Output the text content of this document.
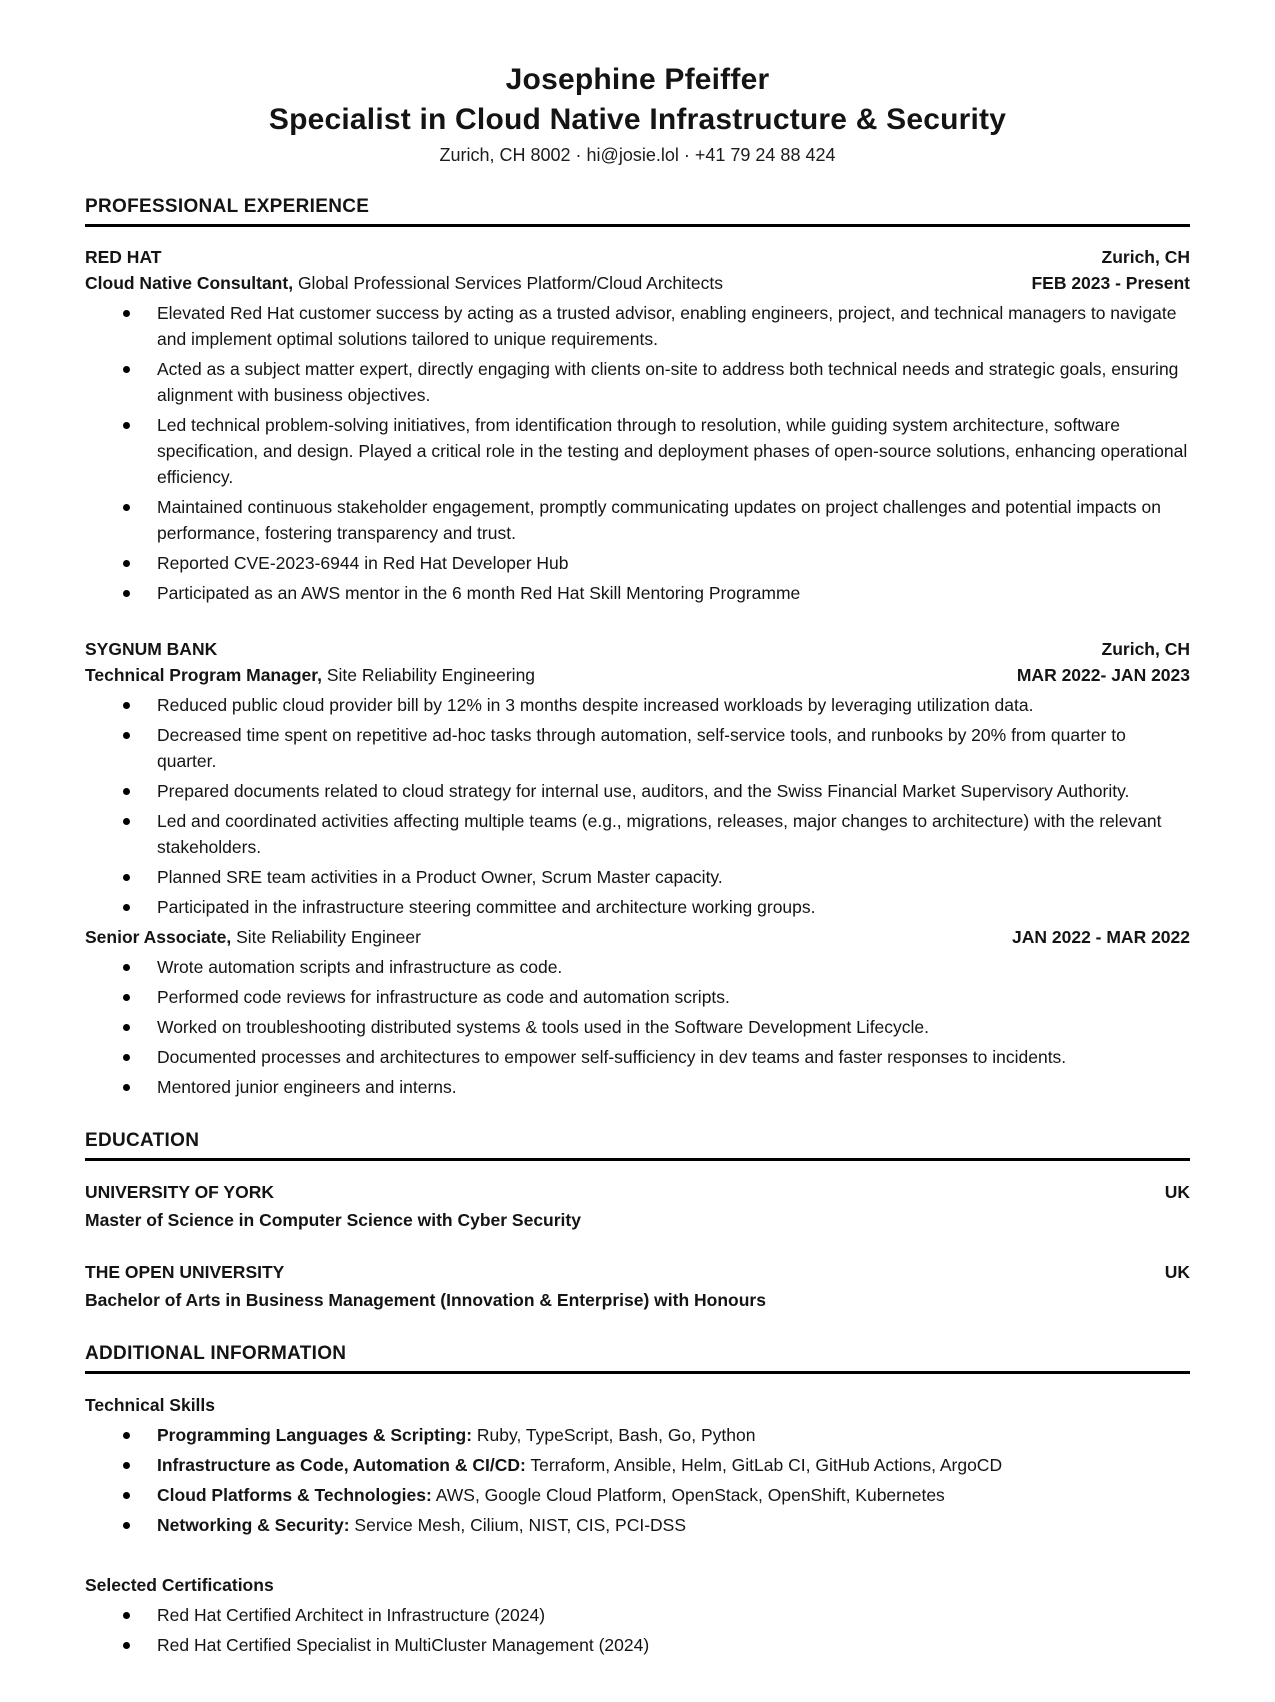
Josephine Pfeiffer
Specialist in Cloud Native Infrastructure & Security
Zurich, CH 8002 · hi@josie.lol · +41 79 24 88 424
PROFESSIONAL EXPERIENCE
RED HAT	Zurich, CH
Cloud Native Consultant, Global Professional Services Platform/Cloud Architects	FEB 2023 - Present
Elevated Red Hat customer success by acting as a trusted advisor, enabling engineers, project, and technical managers to navigate and implement optimal solutions tailored to unique requirements.
Acted as a subject matter expert, directly engaging with clients on-site to address both technical needs and strategic goals, ensuring alignment with business objectives.
Led technical problem-solving initiatives, from identification through to resolution, while guiding system architecture, software specification, and design. Played a critical role in the testing and deployment phases of open-source solutions, enhancing operational efficiency.
Maintained continuous stakeholder engagement, promptly communicating updates on project challenges and potential impacts on performance, fostering transparency and trust.
Reported CVE-2023-6944 in Red Hat Developer Hub
Participated as an AWS mentor in the 6 month Red Hat Skill Mentoring Programme
SYGNUM BANK	Zurich, CH
Technical Program Manager, Site Reliability Engineering	MAR 2022- JAN 2023
Reduced public cloud provider bill by 12% in 3 months despite increased workloads by leveraging utilization data.
Decreased time spent on repetitive ad-hoc tasks through automation, self-service tools, and runbooks by 20% from quarter to quarter.
Prepared documents related to cloud strategy for internal use, auditors, and the Swiss Financial Market Supervisory Authority.
Led and coordinated activities affecting multiple teams (e.g., migrations, releases, major changes to architecture) with the relevant stakeholders.
Planned SRE team activities in a Product Owner, Scrum Master capacity.
Participated in the infrastructure steering committee and architecture working groups.
Senior Associate, Site Reliability Engineer	JAN 2022 - MAR 2022
Wrote automation scripts and infrastructure as code.
Performed code reviews for infrastructure as code and automation scripts.
Worked on troubleshooting distributed systems & tools used in the Software Development Lifecycle.
Documented processes and architectures to empower self-sufficiency in dev teams and faster responses to incidents.
Mentored junior engineers and interns.
EDUCATION
UNIVERSITY OF YORK	UK
Master of Science in Computer Science with Cyber Security
THE OPEN UNIVERSITY	UK
Bachelor of Arts in Business Management (Innovation & Enterprise) with Honours
ADDITIONAL INFORMATION
Technical Skills
Programming Languages & Scripting: Ruby, TypeScript, Bash, Go, Python
Infrastructure as Code, Automation & CI/CD: Terraform, Ansible, Helm, GitLab CI, GitHub Actions, ArgoCD
Cloud Platforms & Technologies: AWS, Google Cloud Platform, OpenStack, OpenShift, Kubernetes
Networking & Security: Service Mesh, Cilium, NIST, CIS, PCI-DSS
Selected Certifications
Red Hat Certified Architect in Infrastructure (2024)
Red Hat Certified Specialist in MultiCluster Management (2024)
